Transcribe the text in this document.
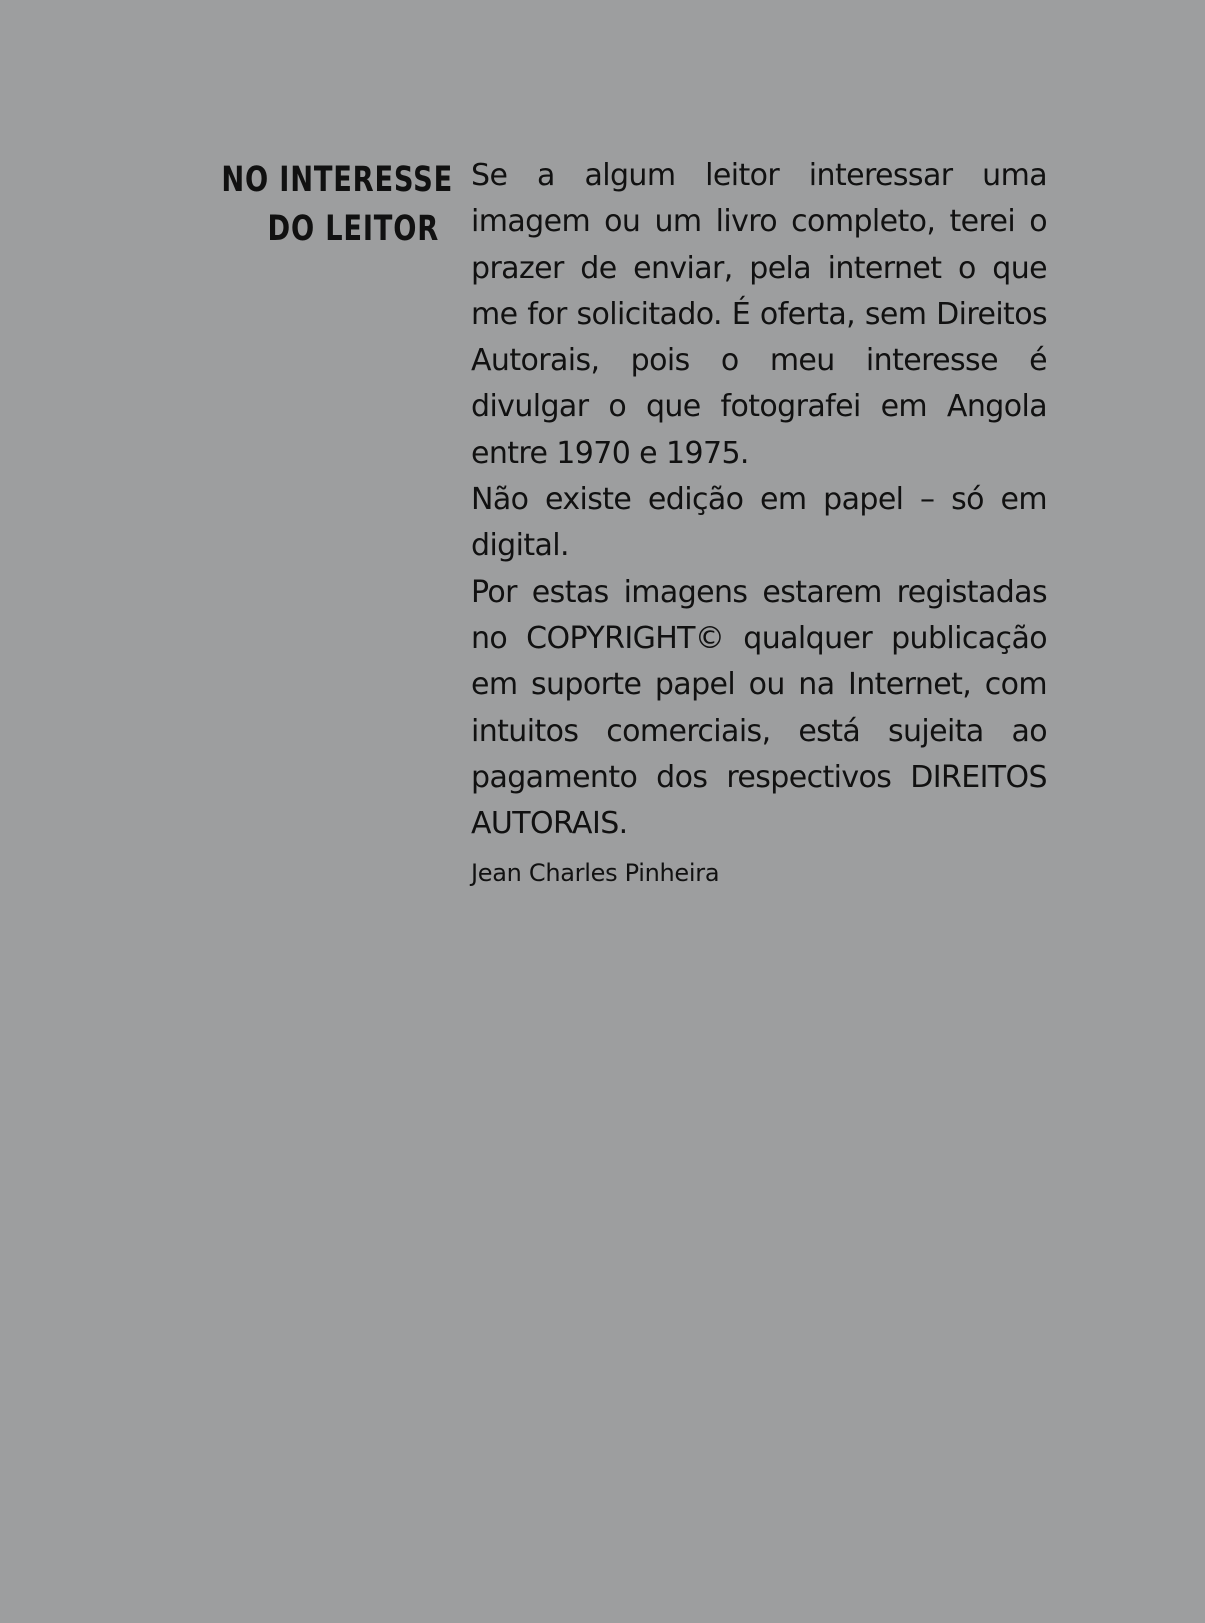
NO INTERESSE
DO LEITOR

Se a algum leitor interessar uma imagem ou um livro completo, terei o prazer de enviar, pela internet o que me for solicitado. É oferta, sem Direitos Autorais, pois o meu interesse é divulgar o que fotografei em Angola entre 1970 e 1975.

Não existe edição em papel – só em digital.

Por estas imagens estarem registadas no COPYRIGHT© qualquer publicação em suporte papel ou na Internet, com intuitos comerciais, está sujeita ao pagamento dos respectivos DIREITOS AUTORAIS.

Jean Charles Pinheira
